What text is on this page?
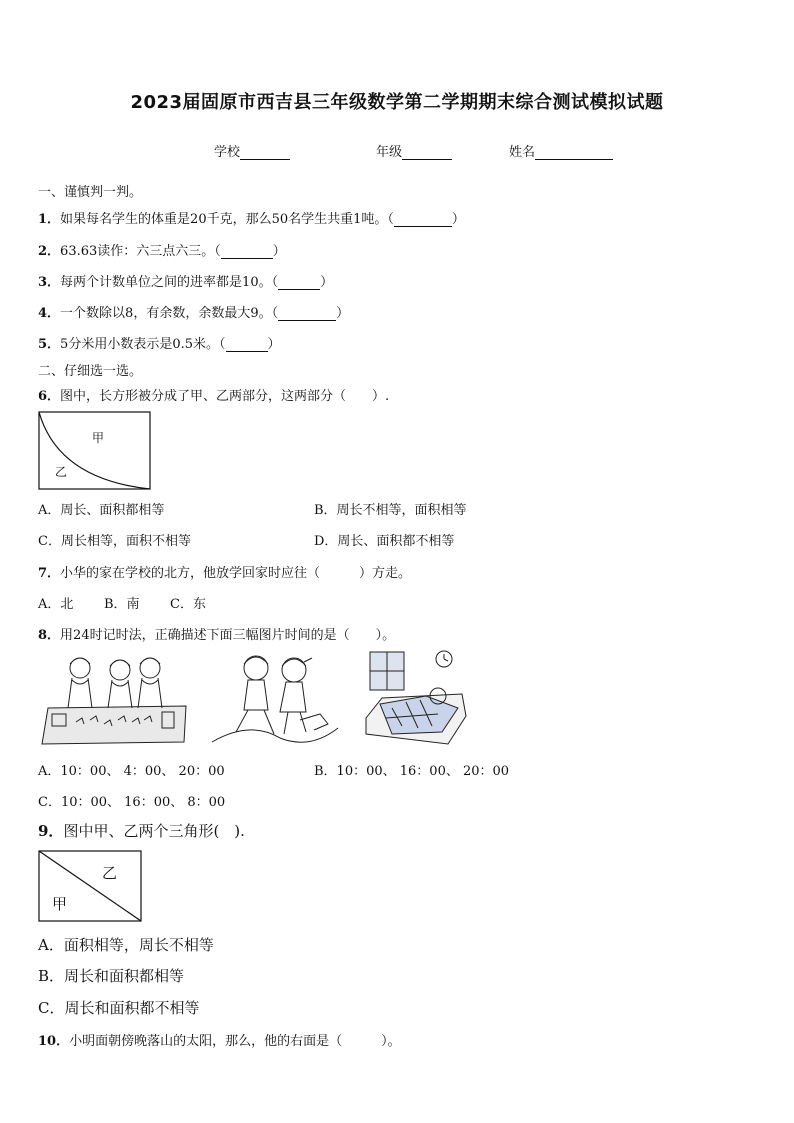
2023届固原市西吉县三年级数学第二学期期末综合测试模拟试题
学校	年级	姓名
一、谨慎判一判。
1．如果每名学生的体重是20千克，那么50名学生共重1吨。（	）
2．63.63读作：六三点六三。（	）
3．每两个计数单位之间的进率都是10。（	）
4．一个数除以8，有余数，余数最大9。（	）
5．5分米用小数表示是0.5米。（	）
二、仔细选一选。
6．图中，长方形被分成了甲、乙两部分，这两部分（　　）.
甲
乙
A．周长、面积都相等	B．周长不相等，面积相等
C．周长相等，面积不相等	D．周长、面积都不相等
7．小华的家在学校的北方，他放学回家时应往（　　　）方走。
A．北 B．南 C．东
8．用24时记时法，正确描述下面三幅图片时间的是（　　）。
A．10：00、 4：00、 20：00	B．10：00、 16：00、 20：00
C．10：00、 16：00、 8：00
9．图中甲、乙两个三角形(　).
乙
甲
A．面积相等，周长不相等
B．周长和面积都相等
C．周长和面积都不相等
10．小明面朝傍晚落山的太阳，那么，他的右面是（　　　）。
